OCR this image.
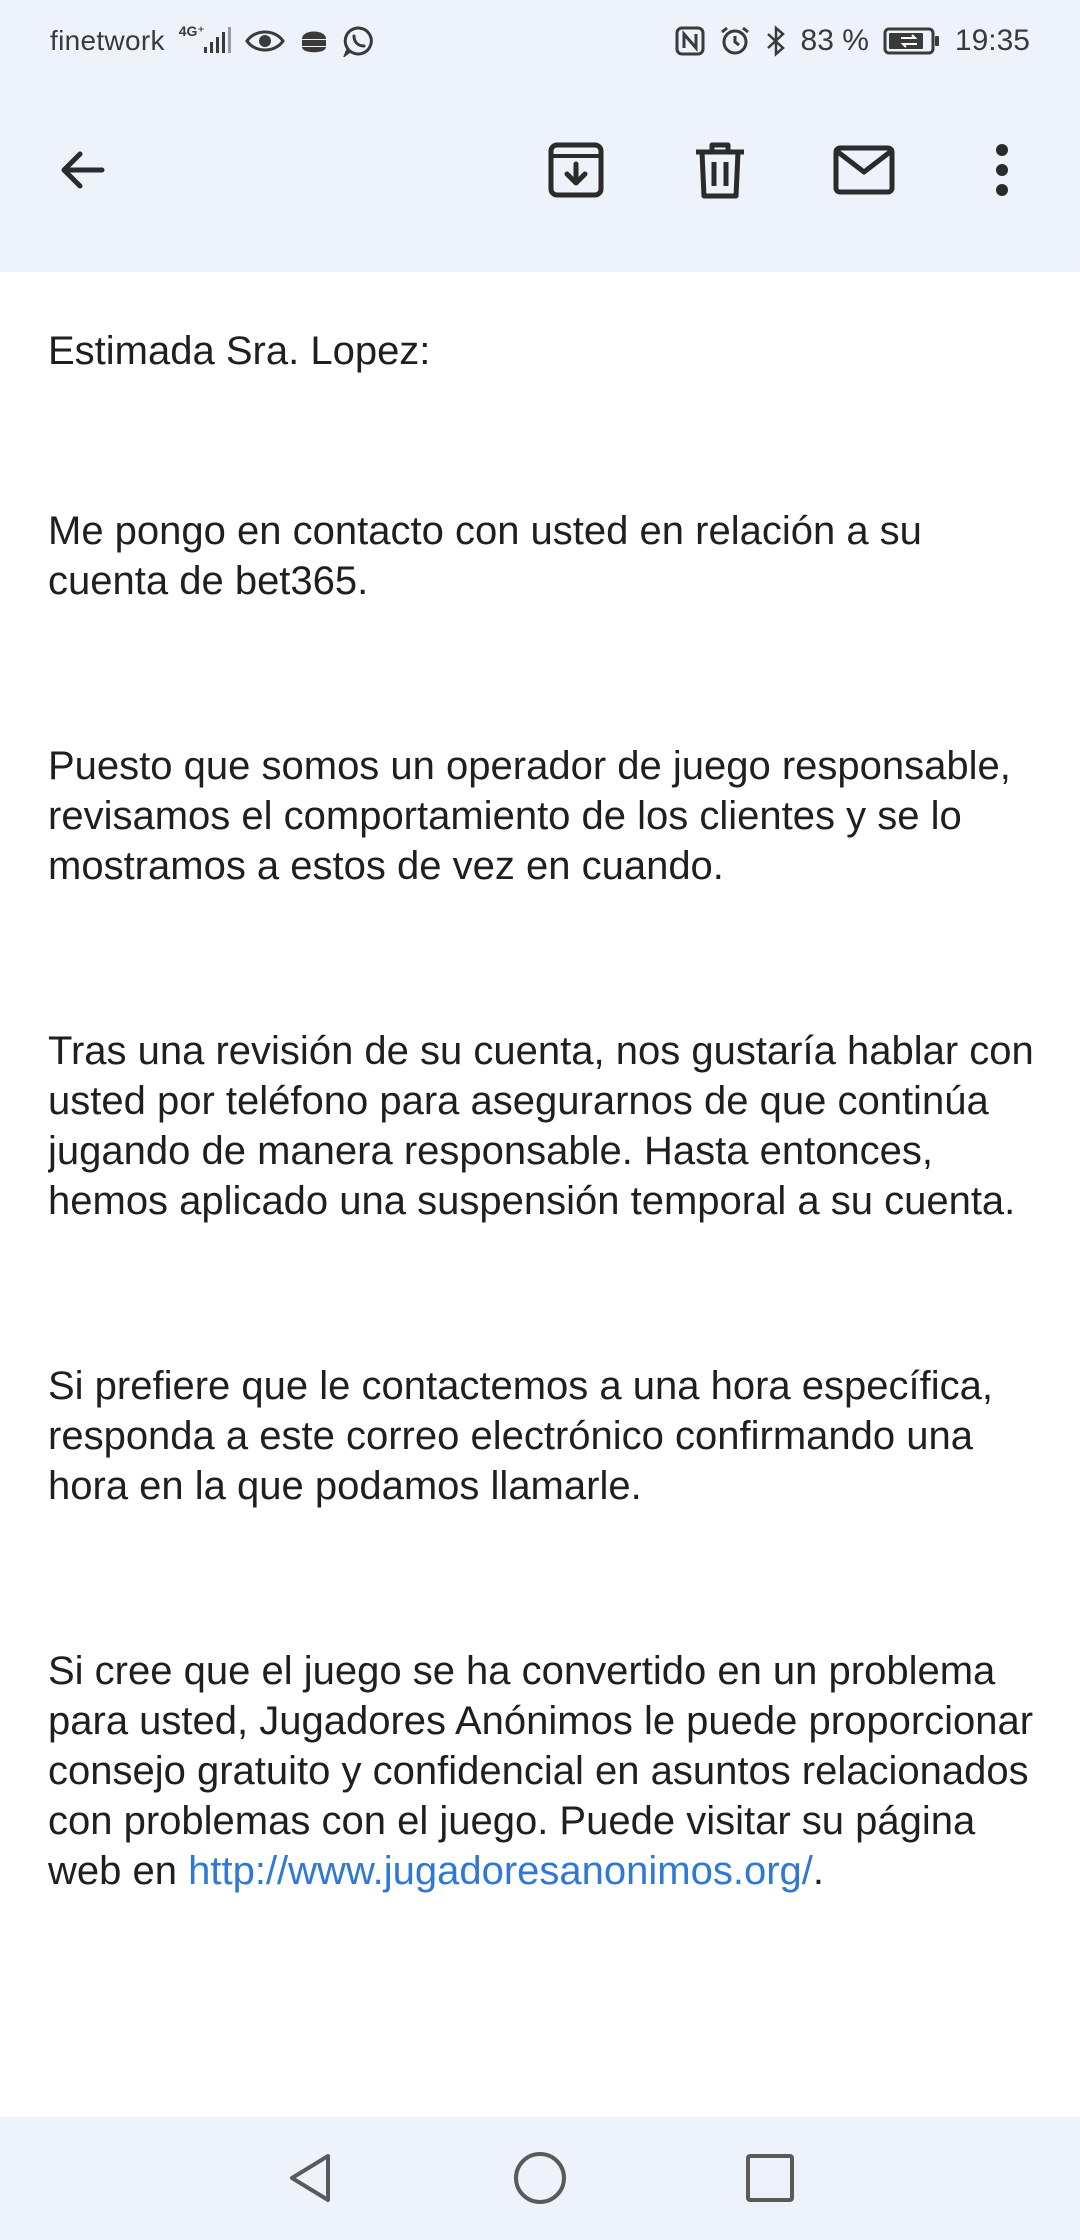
finetwork 4G⁺	83 %	19:35

Estimada Sra. Lopez:

Me pongo en contacto con usted en relación a su cuenta de bet365.

Puesto que somos un operador de juego responsable, revisamos el comportamiento de los clientes y se lo mostramos a estos de vez en cuando.

Tras una revisión de su cuenta, nos gustaría hablar con usted por teléfono para asegurarnos de que continúa jugando de manera responsable. Hasta entonces, hemos aplicado una suspensión temporal a su cuenta.

Si prefiere que le contactemos a una hora específica, responda a este correo electrónico confirmando una hora en la que podamos llamarle.

Si cree que el juego se ha convertido en un problema para usted, Jugadores Anónimos le puede proporcionar consejo gratuito y confidencial en asuntos relacionados con problemas con el juego. Puede visitar su página web en http://www.jugadoresanonimos.org/.
